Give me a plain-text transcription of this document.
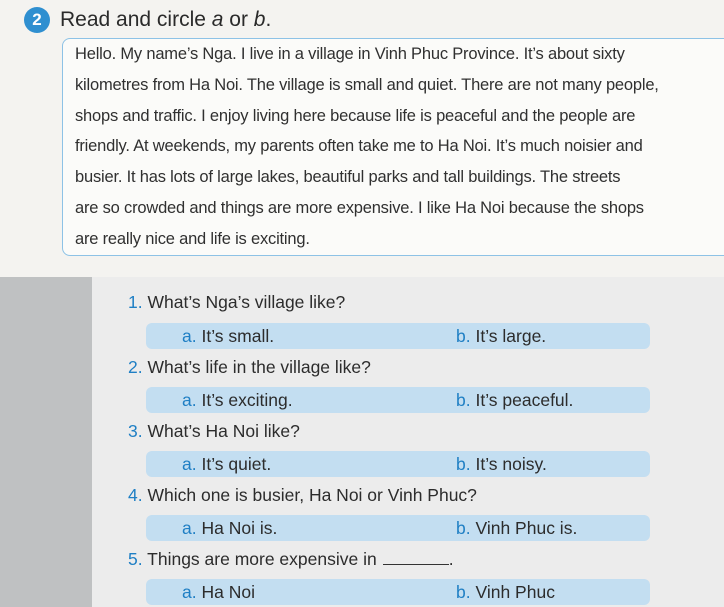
2 Read and circle a or b.
Hello. My name’s Nga. I live in a village in Vinh Phuc Province. It’s about sixty
kilometres from Ha Noi. The village is small and quiet. There are not many people,
shops and traffic. I enjoy living here because life is peaceful and the people are
friendly. At weekends, my parents often take me to Ha Noi. It’s much noisier and
busier. It has lots of large lakes, beautiful parks and tall buildings. The streets
are so crowded and things are more expensive. I like Ha Noi because the shops
are really nice and life is exciting.
1. What’s Nga’s village like?
a. It’s small.	b. It’s large.
2. What’s life in the village like?
a. It’s exciting.	b. It’s peaceful.
3. What’s Ha Noi like?
a. It’s quiet.	b. It’s noisy.
4. Which one is busier, Ha Noi or Vinh Phuc?
a. Ha Noi is.	b. Vinh Phuc is.
5. Things are more expensive in	.
a. Ha Noi	b. Vinh Phuc
